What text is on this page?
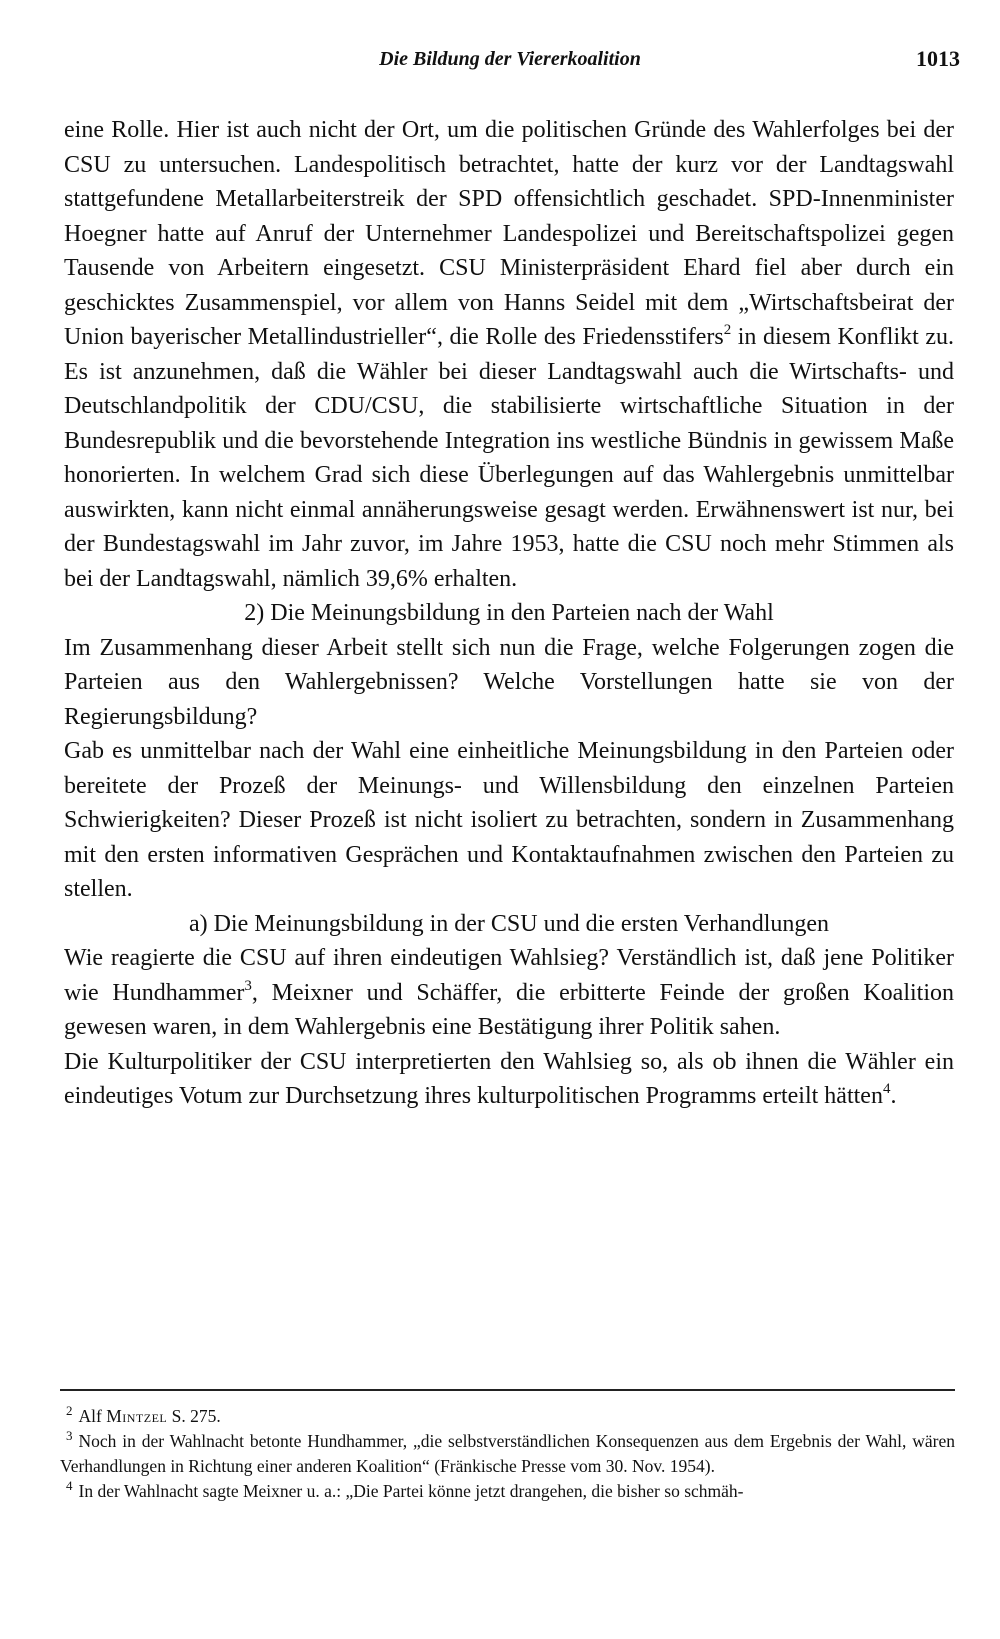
Die Bildung der Viererkoalition	1013

eine Rolle. Hier ist auch nicht der Ort, um die politischen Gründe des Wahlerfolges bei der CSU zu untersuchen. Landespolitisch betrachtet, hatte der kurz vor der Landtagswahl stattgefundene Metallarbeiterstreik der SPD offensichtlich geschadet. SPD-Innenminister Hoegner hatte auf Anruf der Unternehmer Landespolizei und Bereitschaftspolizei gegen Tausende von Arbeitern eingesetzt. CSU Ministerpräsident Ehard fiel aber durch ein geschicktes Zusammenspiel, vor allem von Hanns Seidel mit dem „Wirtschaftsbeirat der Union bayerischer Metallindustrieller“, die Rolle des Friedensstifers$^2$ in diesem Konflikt zu. Es ist anzunehmen, daß die Wähler bei dieser Landtagswahl auch die Wirtschafts- und Deutschlandpolitik der CDU/CSU, die stabilisierte wirtschaftliche Situation in der Bundesrepublik und die bevorstehende Integration ins westliche Bündnis in gewissem Maße honorierten. In welchem Grad sich diese Überlegungen auf das Wahlergebnis unmittelbar auswirkten, kann nicht einmal annäherungsweise gesagt werden. Erwähnenswert ist nur, bei der Bundestagswahl im Jahr zuvor, im Jahre 1953, hatte die CSU noch mehr Stimmen als bei der Landtagswahl, nämlich 39,6% erhalten.

2) Die Meinungsbildung in den Parteien nach der Wahl

Im Zusammenhang dieser Arbeit stellt sich nun die Frage, welche Folgerungen zogen die Parteien aus den Wahlergebnissen? Welche Vorstellungen hatte sie von der Regierungsbildung?

Gab es unmittelbar nach der Wahl eine einheitliche Meinungsbildung in den Parteien oder bereitete der Prozeß der Meinungs- und Willensbildung den einzelnen Parteien Schwierigkeiten? Dieser Prozeß ist nicht isoliert zu betrachten, sondern in Zusammenhang mit den ersten informativen Gesprächen und Kontaktaufnahmen zwischen den Parteien zu stellen.

a) Die Meinungsbildung in der CSU und die ersten Verhandlungen

Wie reagierte die CSU auf ihren eindeutigen Wahlsieg? Verständlich ist, daß jene Politiker wie Hundhammer$^3$, Meixner und Schäffer, die erbitterte Feinde der großen Koalition gewesen waren, in dem Wahlergebnis eine Bestätigung ihrer Politik sahen.

Die Kulturpolitiker der CSU interpretierten den Wahlsieg so, als ob ihnen die Wähler ein eindeutiges Votum zur Durchsetzung ihres kulturpolitischen Programms erteilt hätten$^4$.

$^2$ Alf Mintzel S. 275.

$^3$ Noch in der Wahlnacht betonte Hundhammer, „die selbstverständlichen Konsequenzen aus dem Ergebnis der Wahl, wären Verhandlungen in Richtung einer anderen Koalition“ (Fränkische Presse vom 30. Nov. 1954).

$^4$ In der Wahlnacht sagte Meixner u. a.: „Die Partei könne jetzt drangehen, die bisher so schmäh-
